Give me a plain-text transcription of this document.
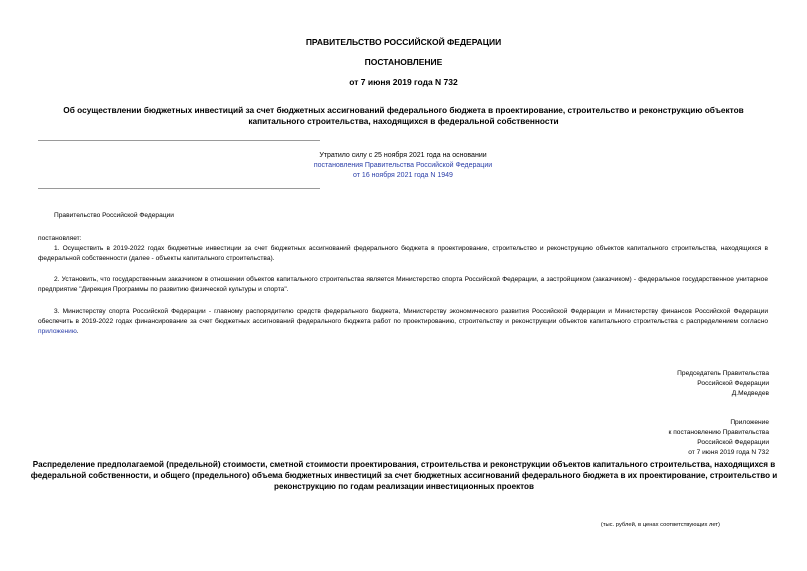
ПРАВИТЕЛЬСТВО РОССИЙСКОЙ ФЕДЕРАЦИИ
ПОСТАНОВЛЕНИЕ
от 7 июня 2019 года N 732
Об осуществлении бюджетных инвестиций за счет бюджетных ассигнований федерального бюджета в проектирование, строительство и реконструкцию объектов капитального строительства, находящихся в федеральной собственности
Утратило силу с 25 ноября 2021 года на основании
постановления Правительства Российской Федерации
от 16 ноября 2021 года N 1949
Правительство Российской Федерации
постановляет:
1. Осуществить в 2019-2022 годах бюджетные инвестиции за счет бюджетных ассигнований федерального бюджета в проектирование, строительство и реконструкцию объектов капитального строительства, находящихся в федеральной собственности (далее - объекты капитального строительства).
2. Установить, что государственным заказчиком в отношении объектов капитального строительства является Министерство спорта Российской Федерации, а застройщиком (заказчиком) - федеральное государственное унитарное предприятие "Дирекция Программы по развитию физической культуры и спорта".
3. Министерству спорта Российской Федерации - главному распорядителю средств федерального бюджета, Министерству экономического развития Российской Федерации и Министерству финансов Российской Федерации обеспечить в 2019-2022 годах финансирование за счет бюджетных ассигнований федерального бюджета работ по проектированию, строительству и реконструкции объектов капитального строительства с распределением согласно приложению.
Председатель Правительства
Российской Федерации
Д.Медведев
Приложение
к постановлению Правительства
Российской Федерации
от 7 июня 2019 года N 732
Распределение предполагаемой (предельной) стоимости, сметной стоимости проектирования, строительства и реконструкции объектов капитального строительства, находящихся в федеральной собственности, и общего (предельного) объема бюджетных инвестиций за счет бюджетных ассигнований федерального бюджета в их проектирование, строительство и реконструкцию по годам реализации инвестиционных проектов
(тыс. рублей, в ценах соответствующих лет)
